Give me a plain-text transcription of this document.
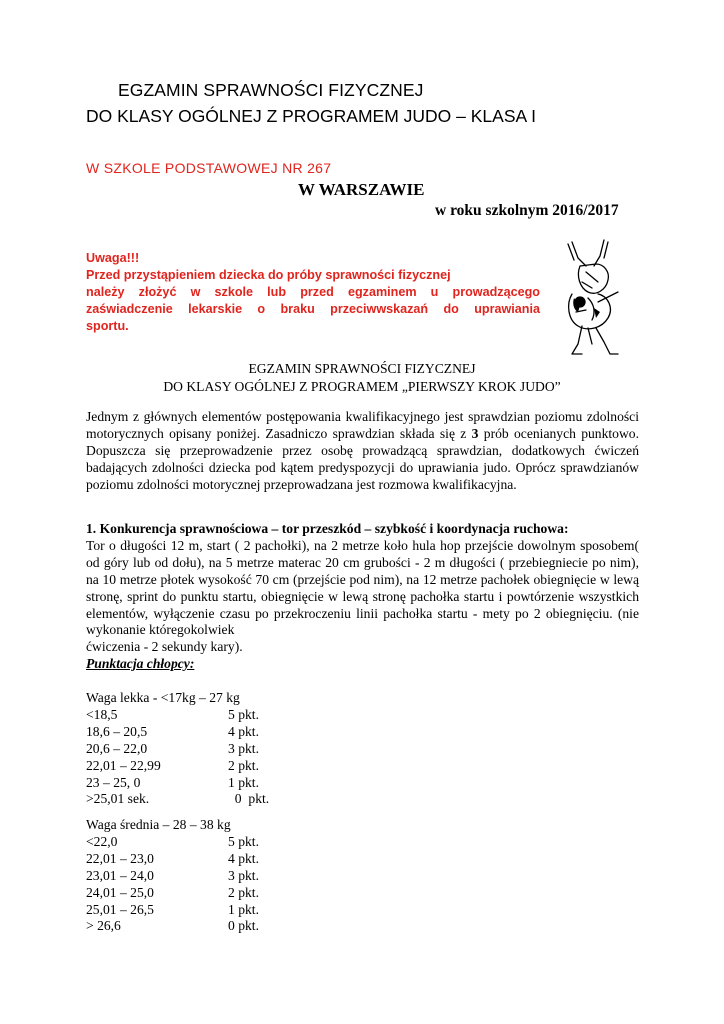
EGZAMIN SPRAWNOŚCI FIZYCZNEJ
DO KLASY OGÓLNEJ Z PROGRAMEM JUDO – KLASA I
W SZKOLE PODSTAWOWEJ NR 267
W WARSZAWIE
w roku szkolnym 2016/2017

Uwaga!!!

Przed przystąpieniem dziecka do próby sprawności fizycznej

należy złożyć w szkole lub przed egzaminem u prowadzącego

zaświadczenie lekarskie o braku przeciwwskazań do uprawiania

sportu.

EGZAMIN SPRAWNOŚCI FIZYCZNEJ
DO KLASY OGÓLNEJ Z PROGRAMEM „PIERWSZY KROK JUDO”

Jednym z głównych elementów postępowania kwalifikacyjnego jest sprawdzian poziomu zdolności motorycznych opisany poniżej. Zasadniczo sprawdzian składa się z 3 prób ocenianych punktowo. Dopuszcza się przeprowadzenie przez osobę prowadzącą sprawdzian, dodatkowych ćwiczeń badających zdolności dziecka pod kątem predyspozycji do uprawiania judo. Oprócz sprawdzianów poziomu zdolności motorycznej przeprowadzana jest rozmowa kwalifikacyjna.

1. Konkurencja sprawnościowa – tor przeszkód – szybkość i koordynacja ruchowa:

Tor o długości 12 m, start ( 2 pachołki), na 2 metrze koło hula hop przejście dowolnym sposobem( od góry lub od dołu), na 5 metrze materac 20 cm grubości - 2 m długości ( przebiegniecie po nim), na 10 metrze płotek wysokość 70 cm (przejście pod nim), na 12 metrze pachołek obiegnięcie w lewą stronę, sprint do punktu startu, obiegnięcie w lewą stronę pachołka startu i powtórzenie wszystkich elementów, wyłączenie czasu po przekroczeniu linii pachołka startu - mety po 2 obiegnięciu. (nie wykonanie któregokolwiek

ćwiczenia - 2 sekundy kary).

Punktacja chłopcy:

Waga lekka - <17kg – 27 kg
<18,5	5 pkt.
18,6 – 20,5	4 pkt.
20,6 – 22,0	3 pkt.
22,01 – 22,99	2 pkt.
23 – 25, 0	1 pkt.
>25,01 sek.	0  pkt.
Waga średnia – 28 – 38 kg
<22,0	5 pkt.
22,01 – 23,0	4 pkt.
23,01 – 24,0	3 pkt.
24,01 – 25,0	2 pkt.
25,01 – 26,5	1 pkt.
> 26,6	0 pkt.
